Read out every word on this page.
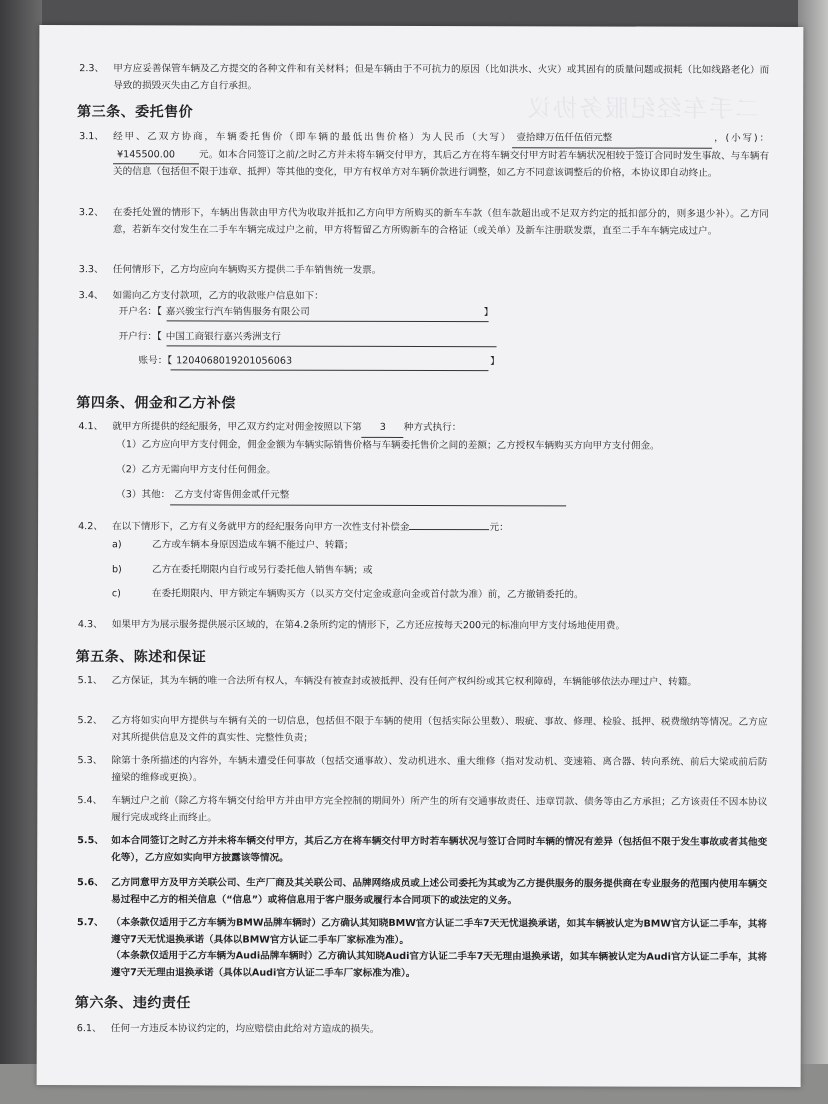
二手车经纪服务协议
2.3、 甲方应妥善保管车辆及乙方提交的各种文件和有关材料；但是车辆由于不可抗力的原因（比如洪水、火灾）或其固有的质量问题或损耗（比如线路老化）而导致的损毁灭失由乙方自行承担。
第三条、委托售价
3.1、 经甲、乙双方协商，车辆委托售价（即车辆的最低出售价格）为人民币（大写） 壹拾肆万伍仟伍佰元整	，(小写)：¥145500.00 元。如本合同签订之前/之时乙方并未将车辆交付甲方，其后乙方在将车辆交付甲方时若车辆状况相较于签订合同时发生事故、与车辆有关的信息（包括但不限于违章、抵押）等其他的变化，甲方有权单方对车辆价款进行调整，如乙方不同意该调整后的价格，本协议即自动终止。
3.2、 在委托处置的情形下，车辆出售款由甲方代为收取并抵扣乙方向甲方所购买的新车车款（但车款超出或不足双方约定的抵扣部分的，则多退少补）。乙方同意，若新车交付发生在二手车车辆完成过户之前，甲方将暂留乙方所购新车的合格证（或关单）及新车注册联发票，直至二手车车辆完成过户。
3.3、 任何情形下，乙方均应向车辆购买方提供二手车销售统一发票。
3.4、 如需向乙方支付款项，乙方的收款账户信息如下：
开户名：【 嘉兴骏宝行汽车销售服务有限公司	】
开户行：【 中国工商银行嘉兴秀洲支行
账号：【 1204068019201056063	】
第四条、佣金和乙方补偿
4.1、 就甲方所提供的经纪服务，甲乙双方约定对佣金按照以下第 3 种方式执行：
（1）乙方应向甲方支付佣金，佣金金额为车辆实际销售价格与车辆委托售价之间的差额；乙方授权车辆购买方向甲方支付佣金。
（2）乙方无需向甲方支付任何佣金。
（3）其他： 乙方支付寄售佣金贰仟元整
4.2、 在以下情形下，乙方有义务就甲方的经纪服务向甲方一次性支付补偿金	元：
a)	乙方或车辆本身原因造成车辆不能过户、转籍；
b)	乙方在委托期限内自行或另行委托他人销售车辆；或
c)	在委托期限内、甲方锁定车辆购买方（以买方交付定金或意向金或首付款为准）前，乙方撤销委托的。
4.3、 如果甲方为展示服务提供展示区域的，在第4.2条所约定的情形下，乙方还应按每天200元的标准向甲方支付场地使用费。
第五条、陈述和保证
5.1、 乙方保证，其为车辆的唯一合法所有权人，车辆没有被查封或被抵押、没有任何产权纠纷或其它权利障碍，车辆能够依法办理过户、转籍。
5.2、 乙方将如实向甲方提供与车辆有关的一切信息，包括但不限于车辆的使用（包括实际公里数）、瑕疵、事故、修理、检验、抵押、税费缴纳等情况。乙方应对其所提供信息及文件的真实性、完整性负责；
5.3、 除第十条所描述的内容外，车辆未遭受任何事故（包括交通事故）、发动机进水、重大维修（指对发动机、变速箱、离合器、转向系统、前后大梁或前后防撞梁的维修或更换）。
5.4、 车辆过户之前（除乙方将车辆交付给甲方并由甲方完全控制的期间外）所产生的所有交通事故责任、违章罚款、债务等由乙方承担；乙方该责任不因本协议履行完成或终止而终止。
5.5、 如本合同签订之时乙方并未将车辆交付甲方，其后乙方在将车辆交付甲方时若车辆状况与签订合同时车辆的情况有差异（包括但不限于发生事故或者其他变化等），乙方应如实向甲方披露该等情况。
5.6、 乙方同意甲方及甲方关联公司、生产厂商及其关联公司、品牌网络成员或上述公司委托为其或为乙方提供服务的服务提供商在专业服务的范围内使用车辆交易过程中乙方的相关信息（“信息”）或将信息用于客户服务或履行本合同项下的或法定的义务。
5.7、 （本条款仅适用于乙方车辆为BMW品牌车辆时）乙方确认其知晓BMW官方认证二手车7天无忧退换承诺，如其车辆被认定为BMW官方认证二手车，其将遵守7天无忧退换承诺（具体以BMW官方认证二手车厂家标准为准）。
（本条款仅适用于乙方车辆为Audi品牌车辆时）乙方确认其知晓Audi官方认证二手车7天无理由退换承诺，如其车辆被认定为Audi官方认证二手车，其将遵守7天无理由退换承诺（具体以Audi官方认证二手车厂家标准为准）。
第六条、违约责任
6.1、 任何一方违反本协议约定的，均应赔偿由此给对方造成的损失。
